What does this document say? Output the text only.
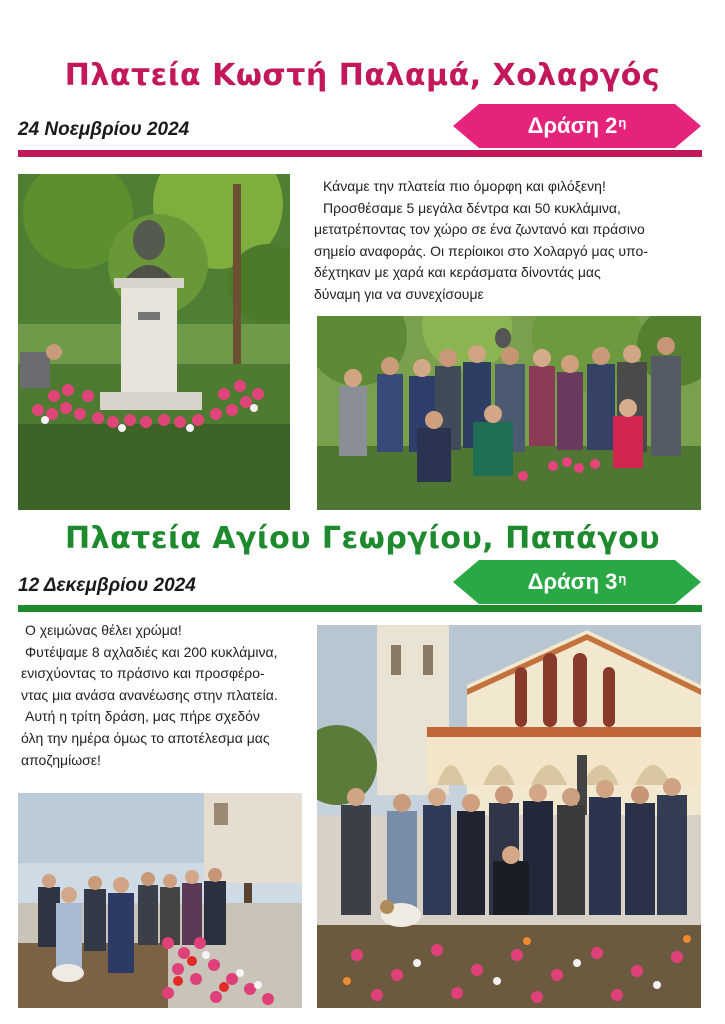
Πλατεία Κωστή Παλαμά, Χολαργός
24 Νοεμβρίου 2024	Δράση $2^\eta$

Κάναμε την πλατεία πιο όμορφη και φιλόξενη!

Προσθέσαμε 5 μεγάλα δέντρα και 50 κυκλάμινα,

μετατρέποντας τον χώρο σε ένα ζωντανό και πράσινο

σημείο αναφοράς. Οι περίοικοι στο Χολαργό μας υπο-

δέχτηκαν με χαρά και κεράσματα δίνοντάς μας

δύναμη για να συνεχίσουμε

Πλατεία Αγίου Γεωργίου, Παπάγου
12 Δεκεμβρίου 2024	Δράση $3^\eta$

Ο χειμώνας θέλει χρώμα!

Φυτέψαμε 8 αχλαδιές και 200 κυκλάμινα,

ενισχύοντας το πράσινο και προσφέρο-

ντας μια ανάσα ανανέωσης στην πλατεία.

Αυτή η τρίτη δράση, μας πήρε σχεδόν

όλη την ημέρα όμως το αποτέλεσμα μας

αποζημίωσε!
